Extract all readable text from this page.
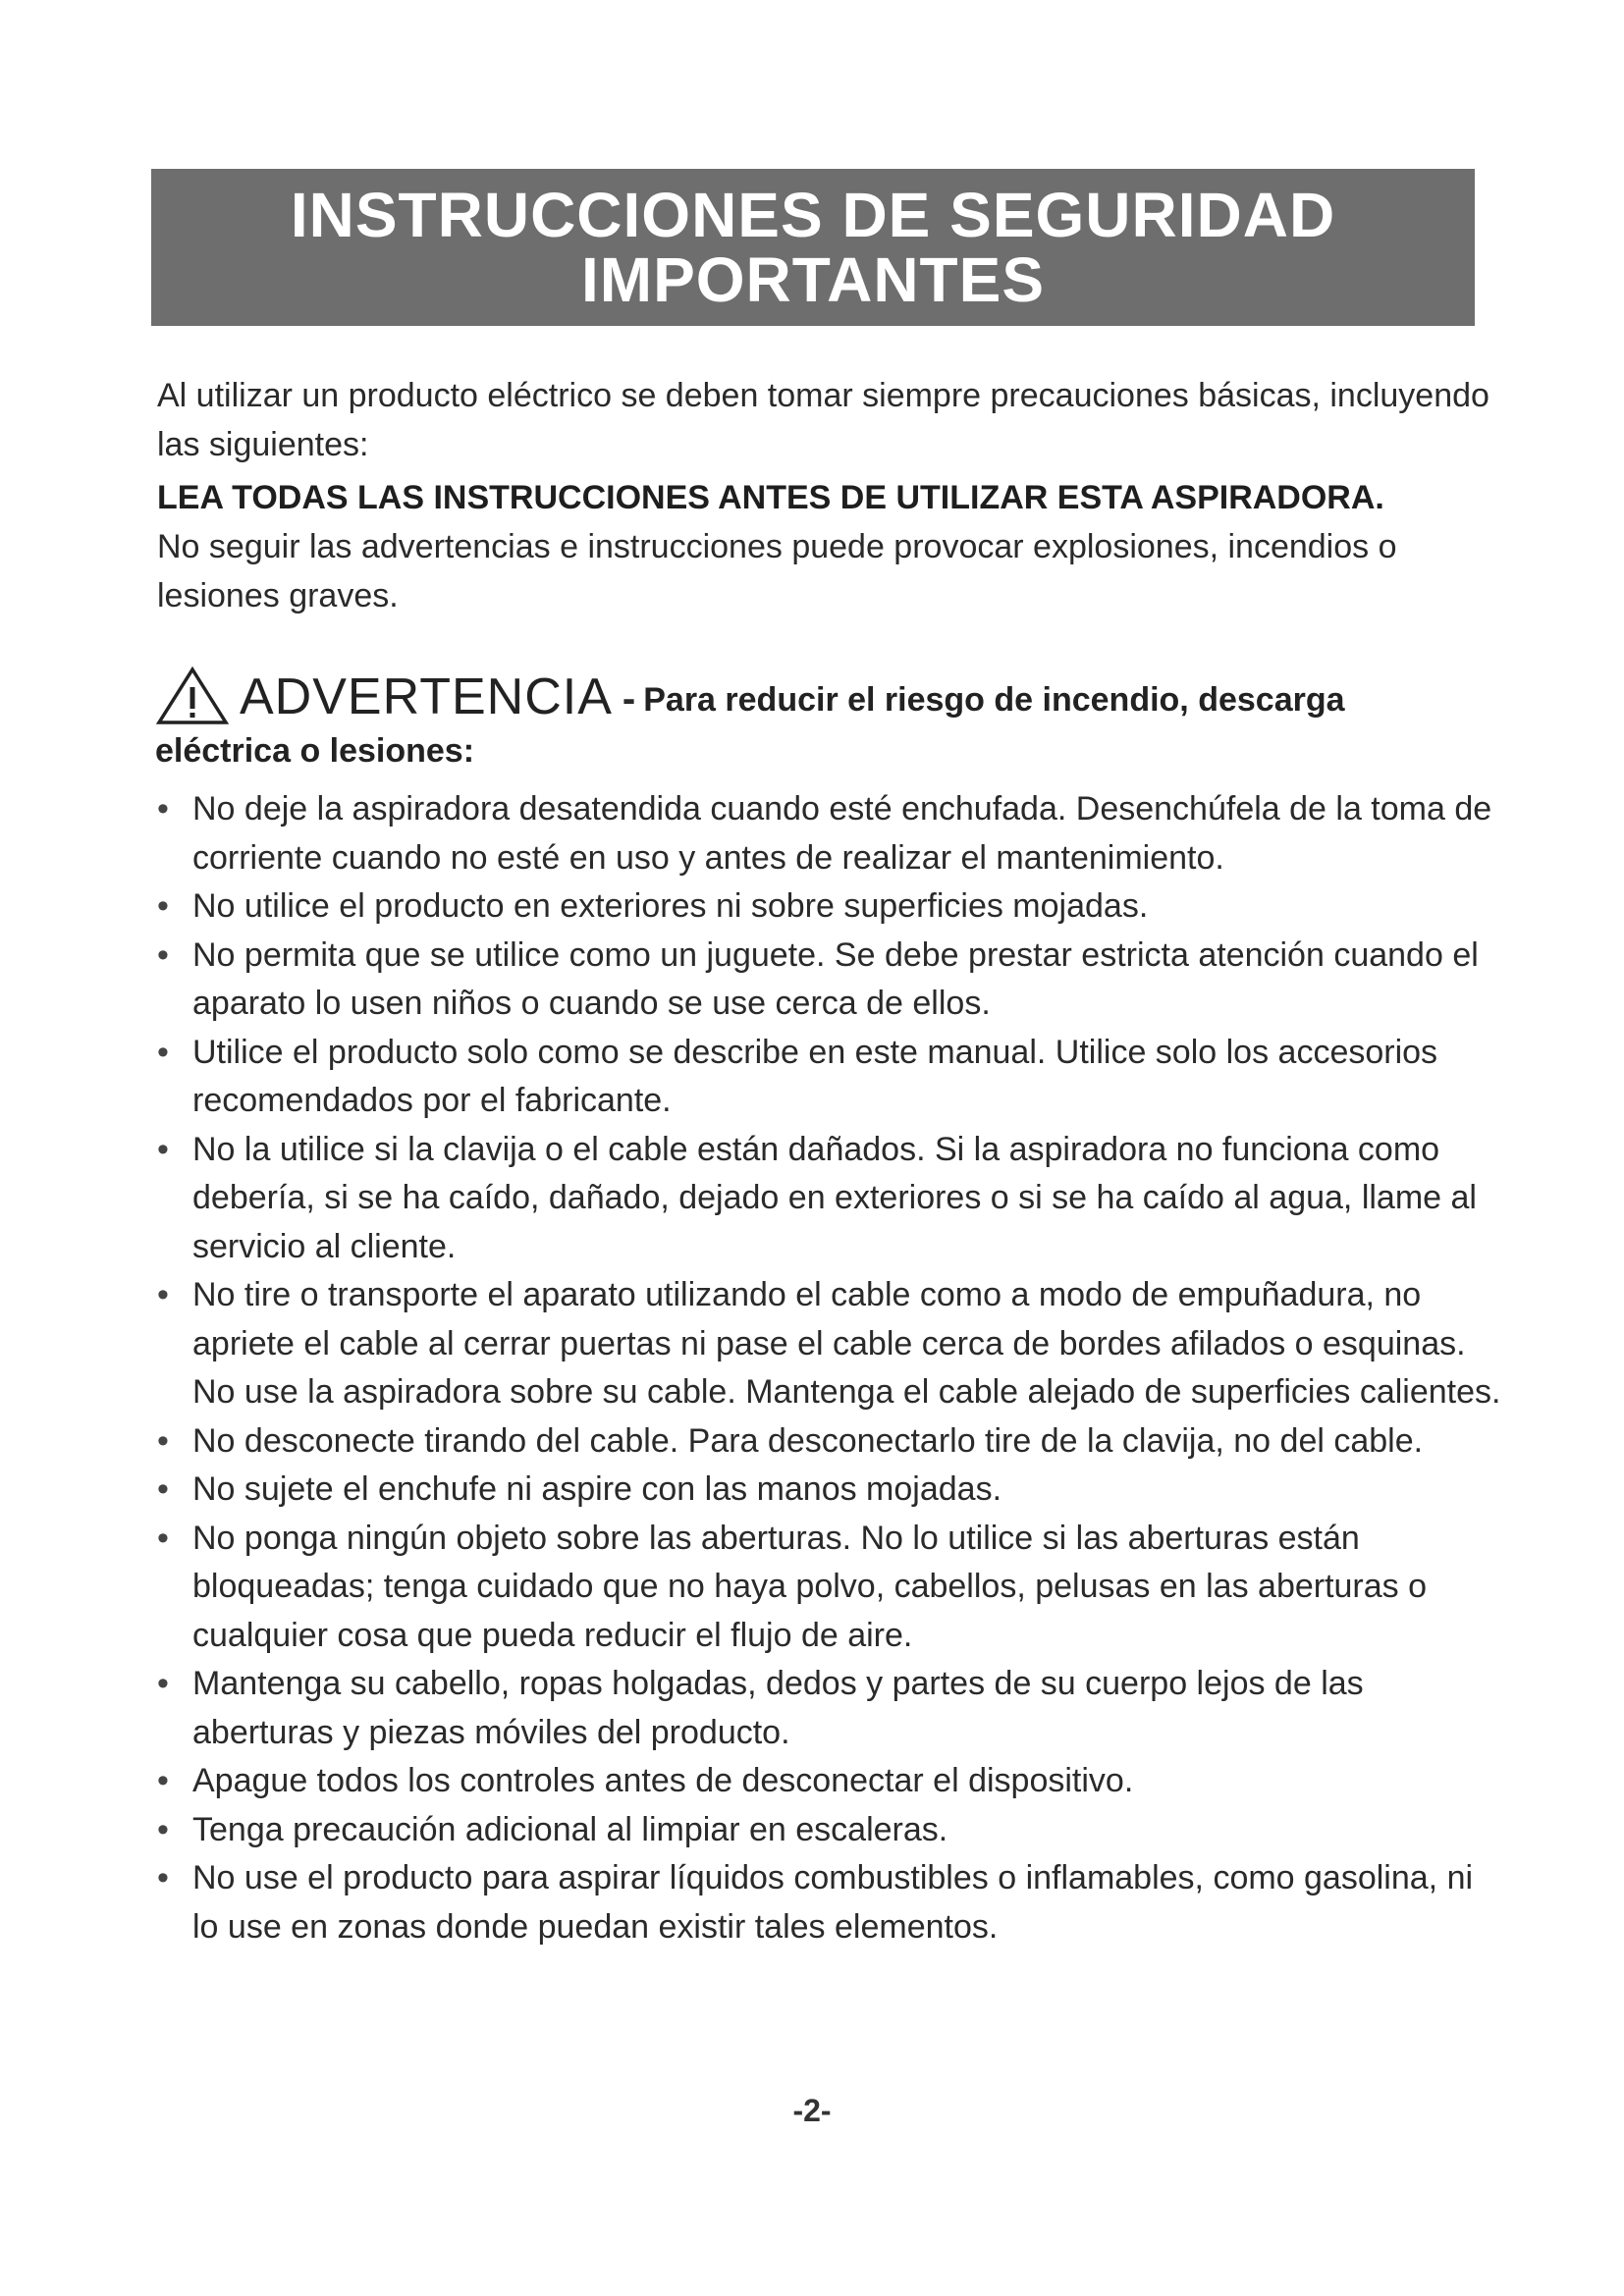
INSTRUCCIONES DE SEGURIDAD
IMPORTANTES

Al utilizar un producto eléctrico se deben tomar siempre precauciones básicas, incluyendo las siguientes:

LEA TODAS LAS INSTRUCCIONES ANTES DE UTILIZAR ESTA ASPIRADORA.

No seguir las advertencias e instrucciones puede provocar explosiones, incendios o lesiones graves.

ADVERTENCIA - Para reducir el riesgo de incendio, descarga
eléctrica o lesiones:
• No deje la aspiradora desatendida cuando esté enchufada. Desenchúfela de la toma de corriente cuando no esté en uso y antes de realizar el mantenimiento.
• No utilice el producto en exteriores ni sobre superficies mojadas.
• No permita que se utilice como un juguete. Se debe prestar estricta atención cuando el aparato lo usen niños o cuando se use cerca de ellos.
• Utilice el producto solo como se describe en este manual. Utilice solo los accesorios recomendados por el fabricante.
• No la utilice si la clavija o el cable están dañados. Si la aspiradora no funciona como debería, si se ha caído, dañado, dejado en exteriores o si se ha caído al agua, llame al servicio al cliente.
• No tire o transporte el aparato utilizando el cable como a modo de empuñadura, no apriete el cable al cerrar puertas ni pase el cable cerca de bordes afilados o esquinas. No use la aspiradora sobre su cable. Mantenga el cable alejado de superficies calientes.
• No desconecte tirando del cable. Para desconectarlo tire de la clavija, no del cable.
• No sujete el enchufe ni aspire con las manos mojadas.
• No ponga ningún objeto sobre las aberturas. No lo utilice si las aberturas están bloqueadas; tenga cuidado que no haya polvo, cabellos, pelusas en las aberturas o cualquier cosa que pueda reducir el flujo de aire.
• Mantenga su cabello, ropas holgadas, dedos y partes de su cuerpo lejos de las aberturas y piezas móviles del producto.
• Apague todos los controles antes de desconectar el dispositivo.
• Tenga precaución adicional al limpiar en escaleras.
• No use el producto para aspirar líquidos combustibles o inflamables, como gasolina, ni lo use en zonas donde puedan existir tales elementos.
-2-
